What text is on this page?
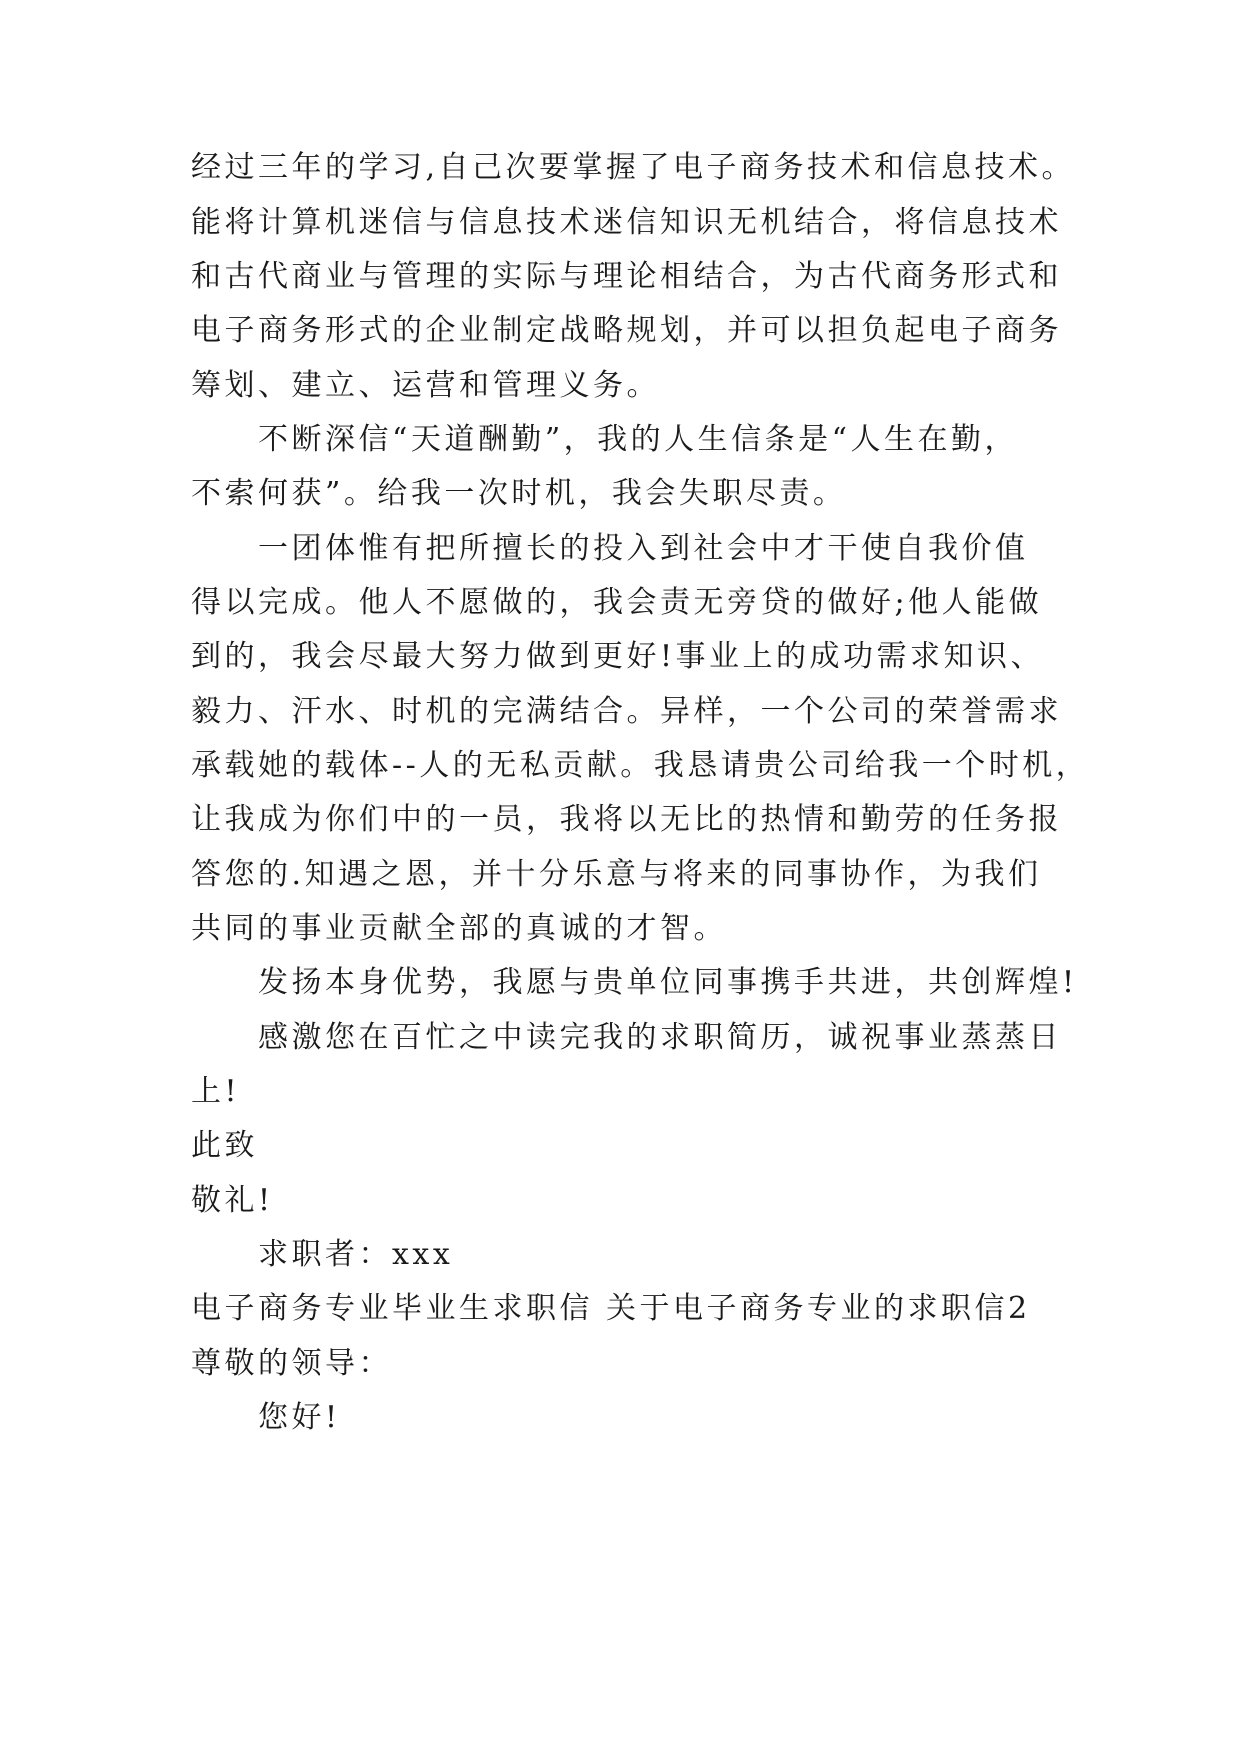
经过三年的学习,自己次要掌握了电子商务技术和信息技术。

能将计算机迷信与信息技术迷信知识无机结合，将信息技术

和古代商业与管理的实际与理论相结合，为古代商务形式和

电子商务形式的企业制定战略规划，并可以担负起电子商务

筹划、建立、运营和管理义务。

不断深信“天道酬勤”，我的人生信条是“人生在勤，

不索何获”。给我一次时机，我会失职尽责。

一团体惟有把所擅长的投入到社会中才干使自我价值

得以完成。他人不愿做的，我会责无旁贷的做好;他人能做

到的，我会尽最大努力做到更好!事业上的成功需求知识、

毅力、汗水、时机的完满结合。异样，一个公司的荣誉需求

承载她的载体--人的无私贡献。我恳请贵公司给我一个时机，

让我成为你们中的一员，我将以无比的热情和勤劳的任务报

答您的.知遇之恩，并十分乐意与将来的同事协作，为我们

共同的事业贡献全部的真诚的才智。

发扬本身优势，我愿与贵单位同事携手共进，共创辉煌!

感激您在百忙之中读完我的求职简历，诚祝事业蒸蒸日

上!

此致

敬礼!

求职者：xxx

电子商务专业毕业生求职信 关于电子商务专业的求职信2

尊敬的领导：

您好!
